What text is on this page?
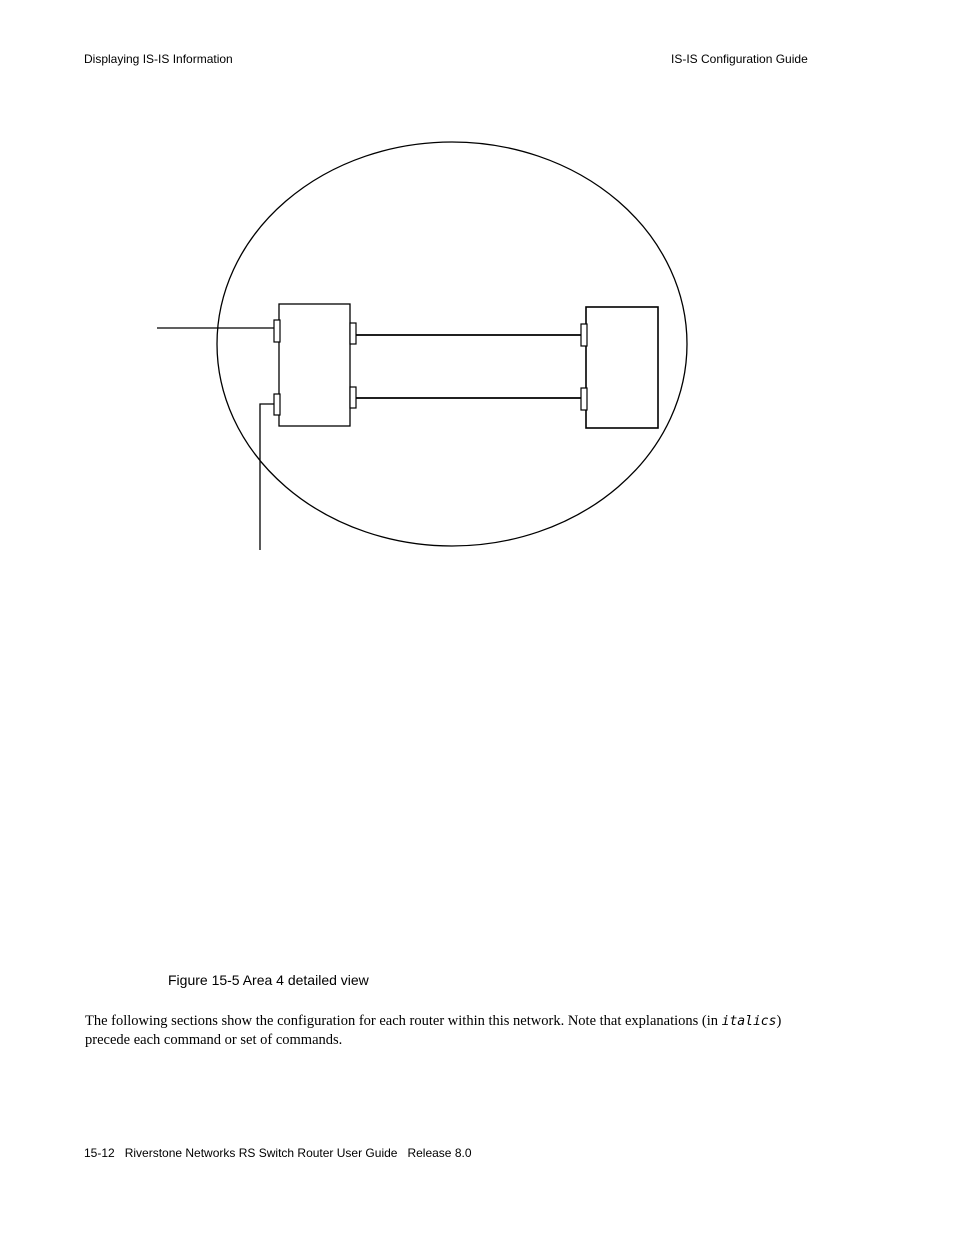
Displaying IS-IS Information	IS-IS Configuration Guide
Figure 15-5 Area 4 detailed view
The following sections show the configuration for each router within this network. Note that explanations (in italics) precede each command or set of commands.
15-12   Riverstone Networks RS Switch Router User Guide   Release 8.0
